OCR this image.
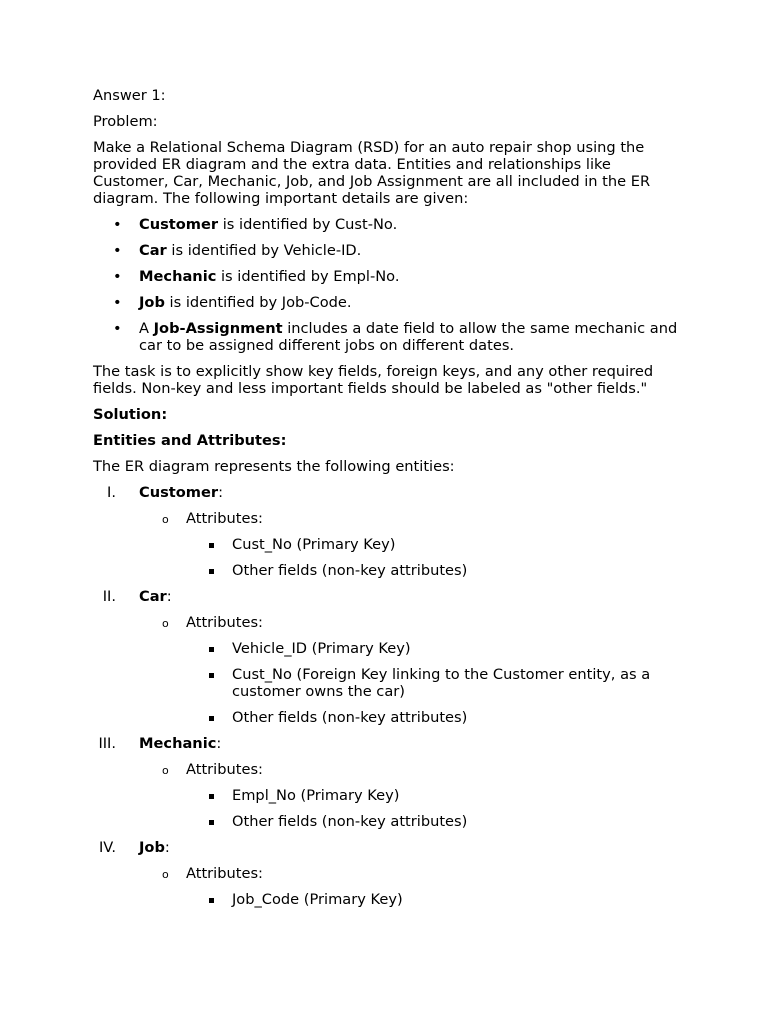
Answer 1:

Problem:

Make a Relational Schema Diagram (RSD) for an auto repair shop using the provided ER diagram and the extra data. Entities and relationships like Customer, Car, Mechanic, Job, and Job Assignment are all included in the ER diagram. The following important details are given:

• Customer is identified by Cust-No.
• Car is identified by Vehicle-ID.
• Mechanic is identified by Empl-No.
• Job is identified by Job-Code.
• A Job-Assignment includes a date field to allow the same mechanic and car to be assigned different jobs on different dates.

The task is to explicitly show key fields, foreign keys, and any other required fields. Non-key and less important fields should be labeled as "other fields."

Solution:

Entities and Attributes:

The ER diagram represents the following entities:

I. Customer:
o Attributes:
Cust_No (Primary Key)
Other fields (non-key attributes)
II. Car:
o Attributes:
Vehicle_ID (Primary Key)
Cust_No (Foreign Key linking to the Customer entity, as a customer owns the car)
Other fields (non-key attributes)
III. Mechanic:
o Attributes:
Empl_No (Primary Key)
Other fields (non-key attributes)
IV. Job:
o Attributes:
Job_Code (Primary Key)
